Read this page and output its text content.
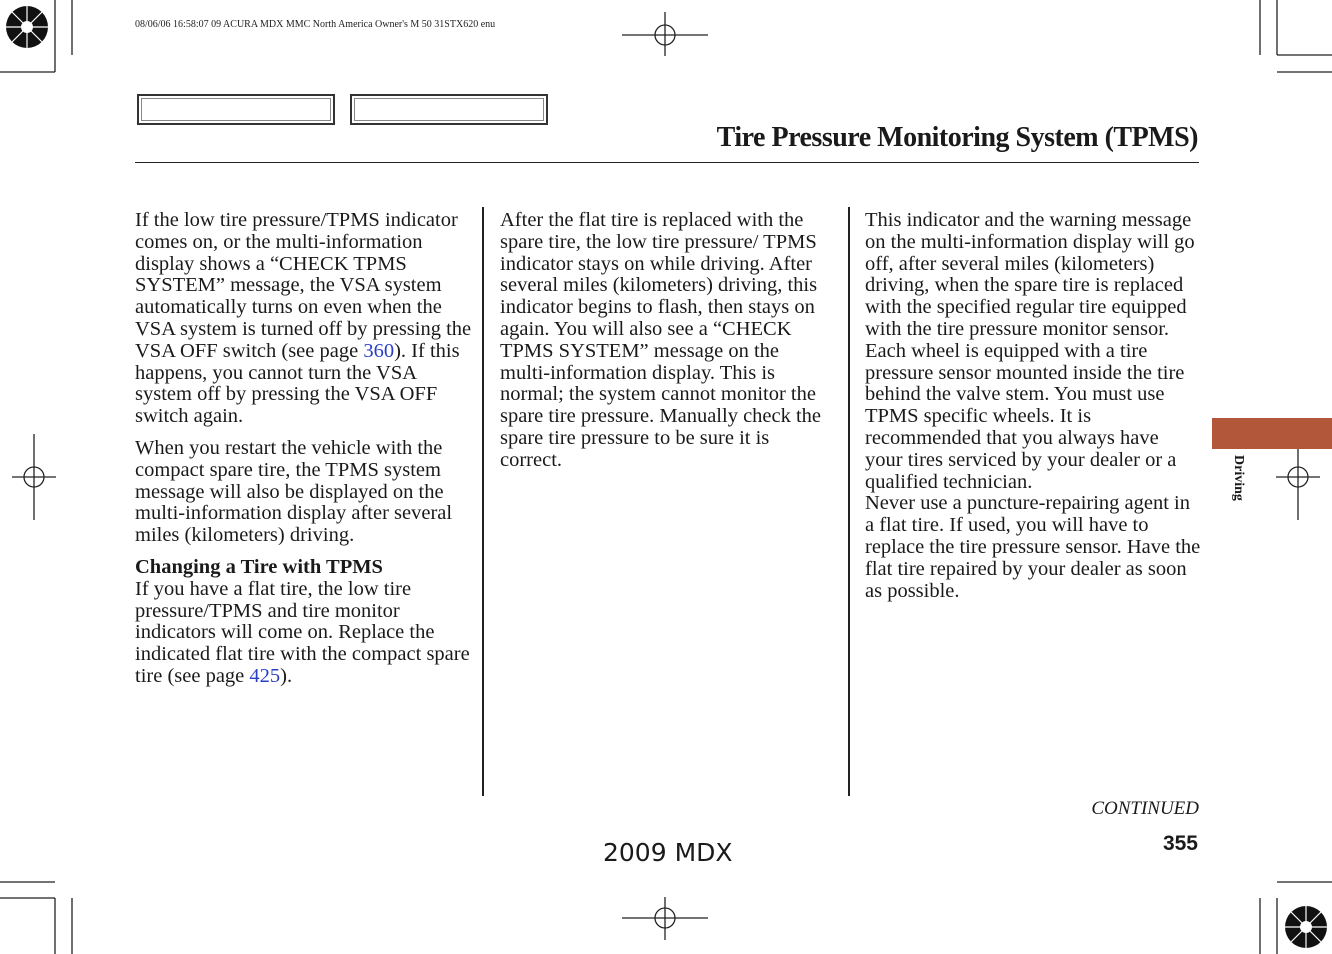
08/06/06 16:58:07 09 ACURA MDX MMC North America Owner's M 50 31STX620 enu
Tire Pressure Monitoring System (TPMS)

If the low tire pressure/TPMS indicator comes on, or the multi-information display shows a “CHECK TPMS SYSTEM” message, the VSA system automatically turns on even when the VSA system is turned off by pressing the VSA OFF switch (see page 360). If this happens, you cannot turn the VSA system off by pressing the VSA OFF switch again.

When you restart the vehicle with the compact spare tire, the TPMS system message will also be displayed on the multi-information display after several miles (kilometers) driving.

Changing a Tire with TPMS

If you have a flat tire, the low tire pressure/TPMS and tire monitor indicators will come on. Replace the indicated flat tire with the compact spare tire (see page 425).

After the flat tire is replaced with the spare tire, the low tire pressure/ TPMS indicator stays on while driving. After several miles (kilometers) driving, this indicator begins to flash, then stays on again. You will also see a “CHECK TPMS SYSTEM” message on the multi-information display. This is normal; the system cannot monitor the spare tire pressure. Manually check the spare tire pressure to be sure it is correct.

This indicator and the warning message on the multi-information display will go off, after several miles (kilometers) driving, when the spare tire is replaced with the specified regular tire equipped with the tire pressure monitor sensor.

Each wheel is equipped with a tire pressure sensor mounted inside the tire behind the valve stem. You must use TPMS specific wheels. It is recommended that you always have your tires serviced by your dealer or a qualified technician.

Never use a puncture-repairing agent in a flat tire. If used, you will have to replace the tire pressure sensor. Have the flat tire repaired by your dealer as soon as possible.

Driving
CONTINUED
355
2009 MDX
